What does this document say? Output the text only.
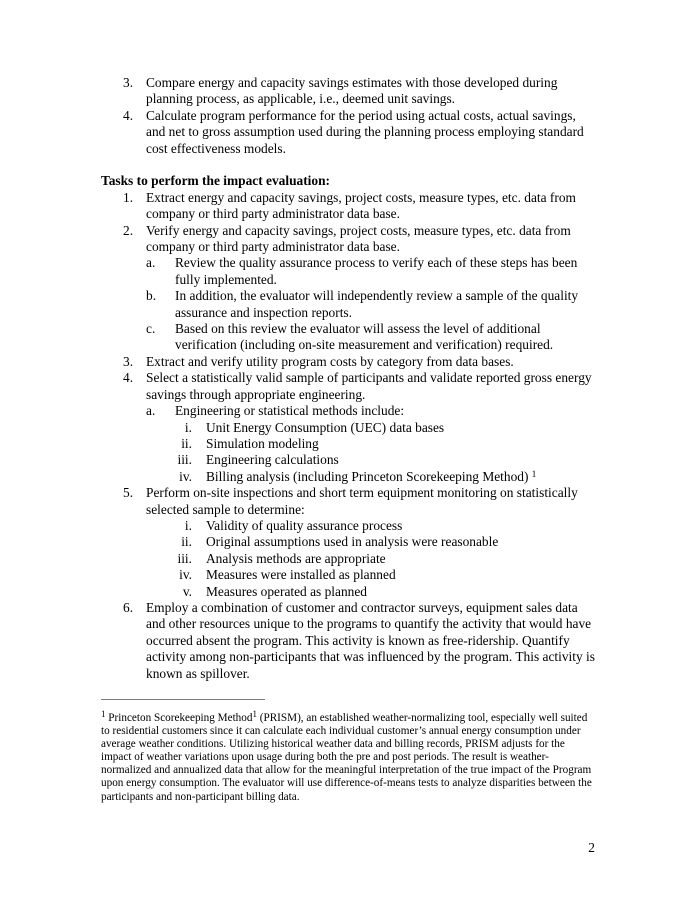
3. Compare energy and capacity savings estimates with those developed during planning process, as applicable, i.e., deemed unit savings.
4. Calculate program performance for the period using actual costs, actual savings, and net to gross assumption used during the planning process employing standard cost effectiveness models.
Tasks to perform the impact evaluation:
1. Extract energy and capacity savings, project costs, measure types, etc. data from company or third party administrator data base.
2. Verify energy and capacity savings, project costs, measure types, etc. data from company or third party administrator data base.
a.	Review the quality assurance process to verify each of these steps has been fully implemented.
b.	In addition, the evaluator will independently review a sample of the quality assurance and inspection reports.
c.	Based on this review the evaluator will assess the level of additional verification (including on-site measurement and verification) required.
3. Extract and verify utility program costs by category from data bases.
4. Select a statistically valid sample of participants and validate reported gross energy savings through appropriate engineering.
a.	Engineering or statistical methods include:
i.	Unit Energy Consumption (UEC) data bases
ii.	Simulation modeling
iii.	Engineering calculations
iv.	Billing analysis (including Princeton Scorekeeping Method) $^1$
5. Perform on-site inspections and short term equipment monitoring on statistically selected sample to determine:
i.	Validity of quality assurance process
ii.	Original assumptions used in analysis were reasonable
iii.	Analysis methods are appropriate
iv.	Measures were installed as planned
v.	Measures operated as planned
6. Employ a combination of customer and contractor surveys, equipment sales data and other resources unique to the programs to quantify the activity that would have occurred absent the program. This activity is known as free-ridership. Quantify activity among non-participants that was influenced by the program. This activity is known as spillover.
$^1$ Princeton Scorekeeping Method$^1$ (PRISM), an established weather-normalizing tool, especially well suited to residential customers since it can calculate each individual customer’s annual energy consumption under average weather conditions. Utilizing historical weather data and billing records, PRISM adjusts for the impact of weather variations upon usage during both the pre and post periods. The result is weather-normalized and annualized data that allow for the meaningful interpretation of the true impact of the Program upon energy consumption. The evaluator will use difference-of-means tests to analyze disparities between the participants and non-participant billing data.
2
